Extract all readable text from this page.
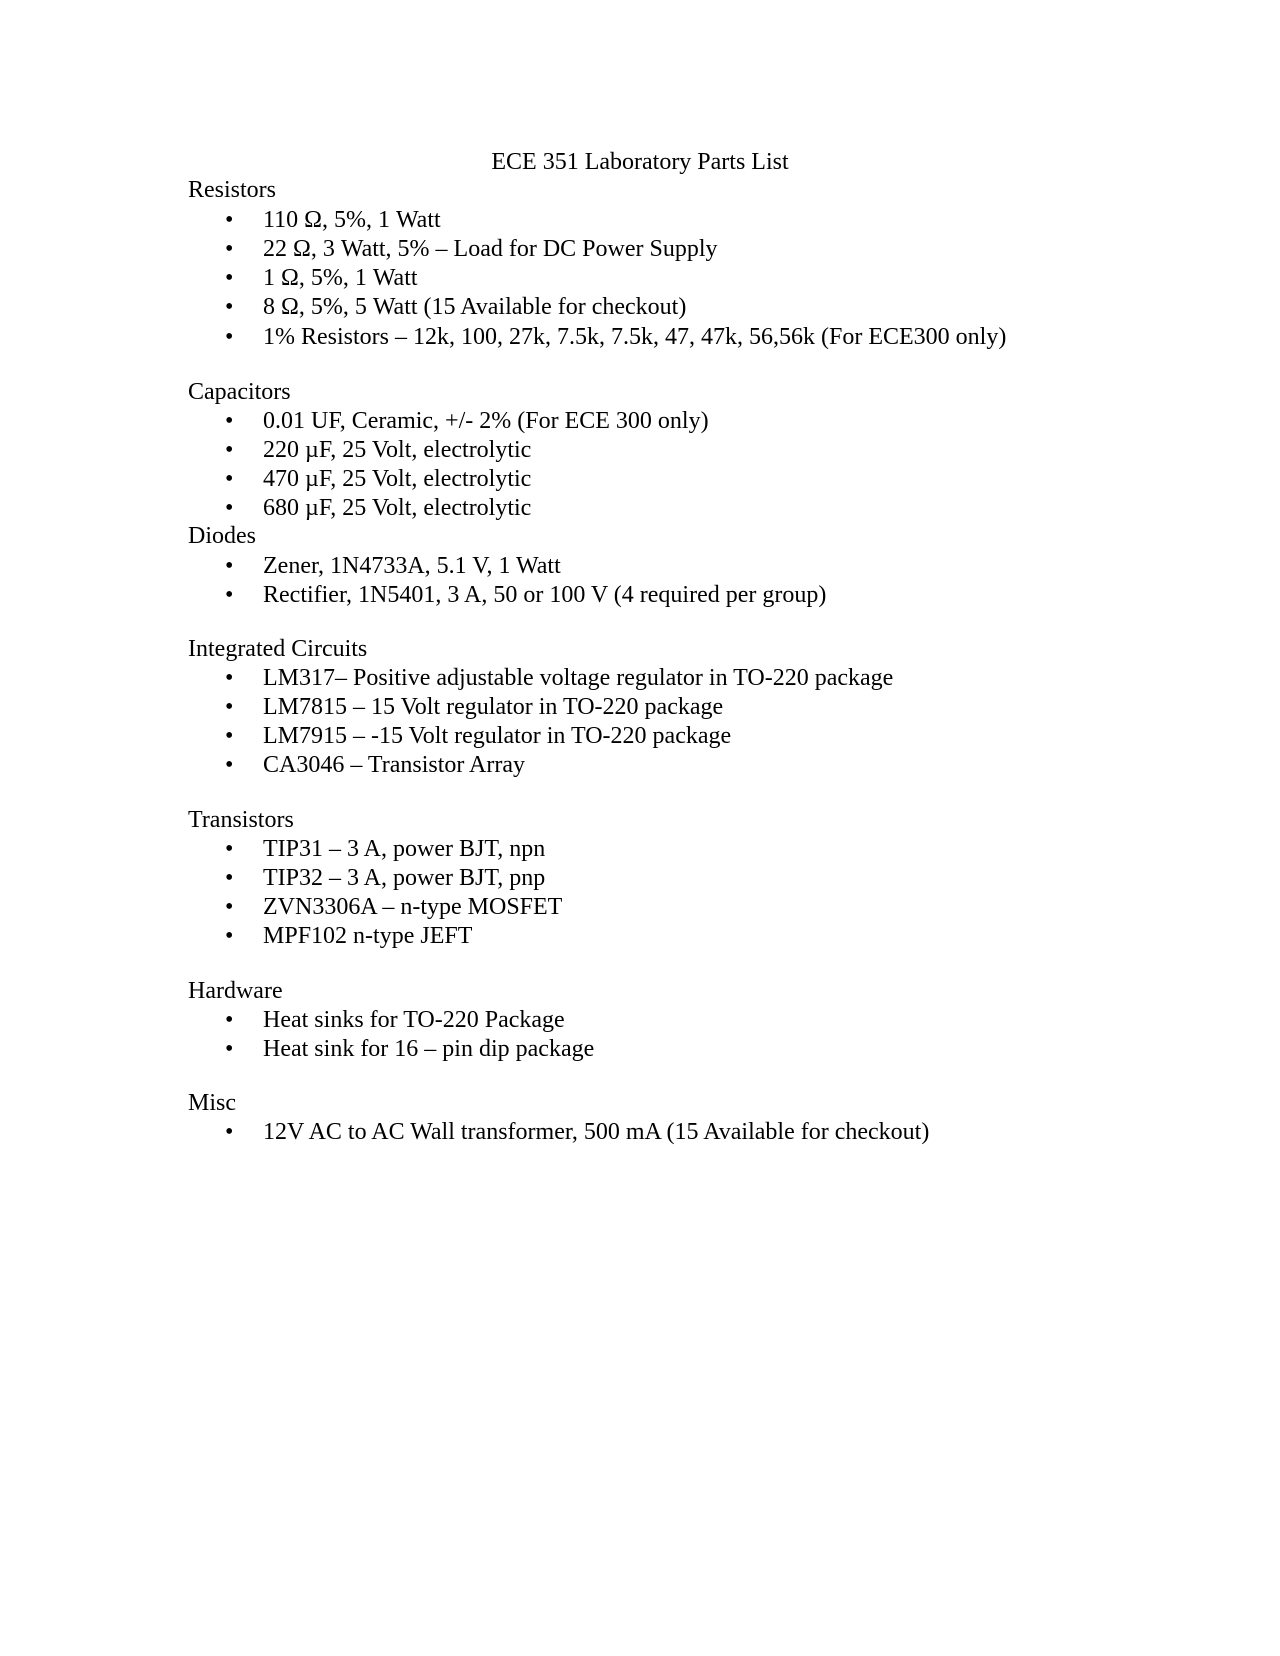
ECE 351 Laboratory Parts List
Resistors
• 110 Ω, 5%, 1 Watt
• 22 Ω, 3 Watt, 5% – Load for DC Power Supply
• 1 Ω, 5%, 1 Watt
• 8 Ω, 5%, 5 Watt (15 Available for checkout)
• 1% Resistors – 12k, 100, 27k, 7.5k, 7.5k, 47, 47k, 56,56k (For ECE300 only)
Capacitors
• 0.01 UF, Ceramic, +/- 2% (For ECE 300 only)
• 220 µF, 25 Volt, electrolytic
• 470 µF, 25 Volt, electrolytic
• 680 µF, 25 Volt, electrolytic
Diodes
• Zener, 1N4733A, 5.1 V, 1 Watt
• Rectifier, 1N5401, 3 A, 50 or 100 V (4 required per group)
Integrated Circuits
• LM317– Positive adjustable voltage regulator in TO-220 package
• LM7815 – 15 Volt regulator in TO-220 package
• LM7915 – -15 Volt regulator in TO-220 package
• CA3046 – Transistor Array
Transistors
• TIP31 – 3 A, power BJT, npn
• TIP32 – 3 A, power BJT, pnp
• ZVN3306A – n-type MOSFET
• MPF102 n-type JEFT
Hardware
• Heat sinks for TO-220 Package
• Heat sink for 16 – pin dip package
Misc
• 12V AC to AC Wall transformer, 500 mA (15 Available for checkout)
